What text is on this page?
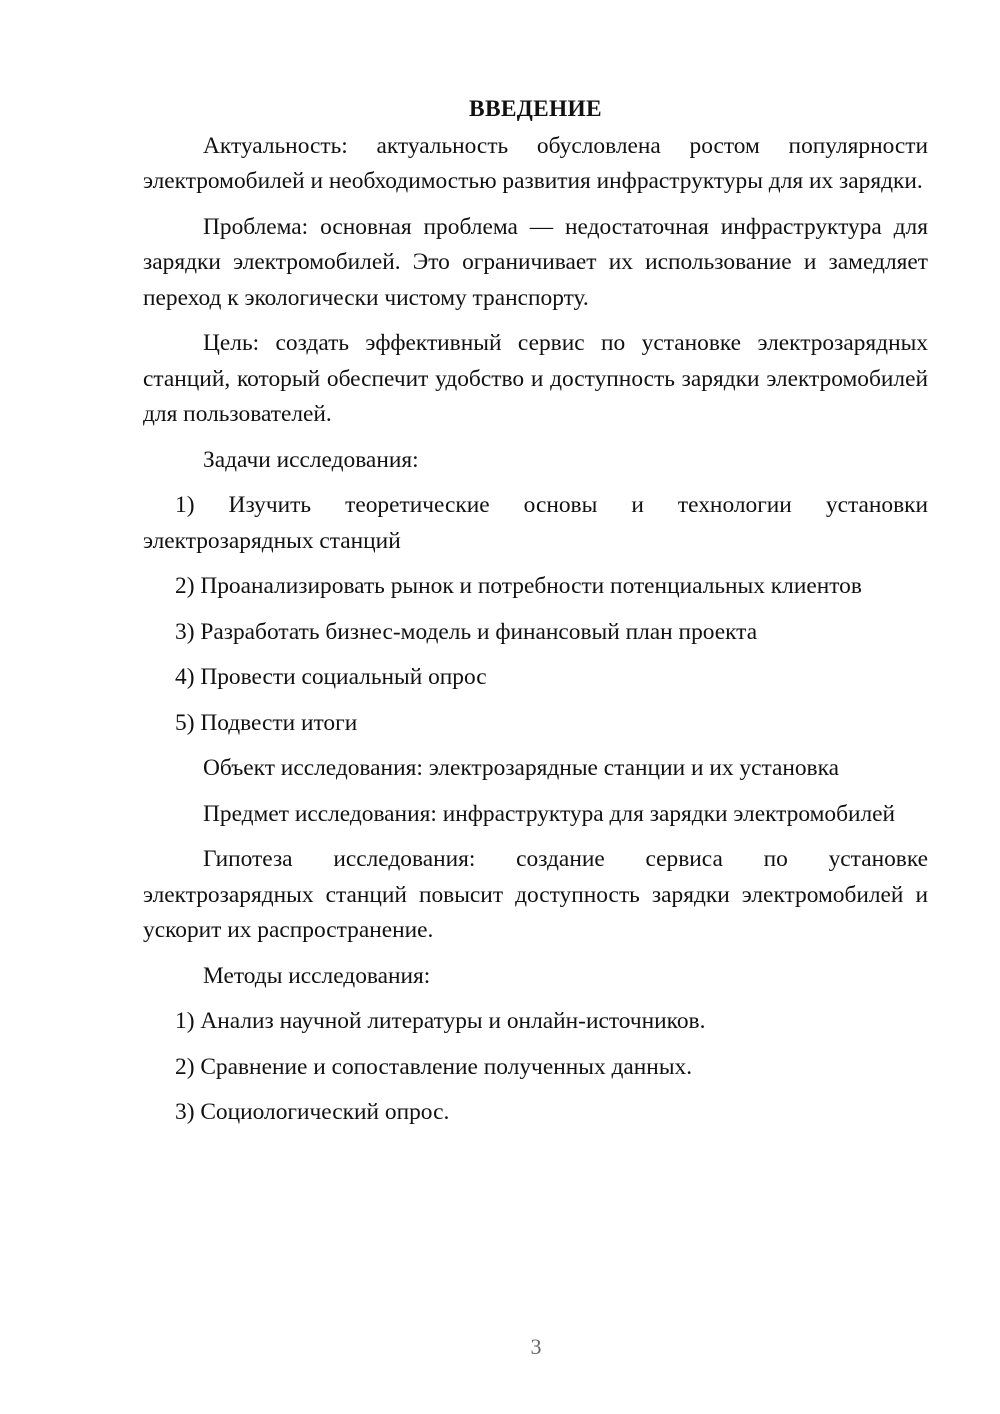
ВВЕДЕНИЕ

Актуальность: актуальность обусловлена ростом популярности электромобилей и необходимостью развития инфраструктуры для их зарядки.

Проблема: основная проблема — недостаточная инфраструктура для зарядки электромобилей. Это ограничивает их использование и замедляет переход к экологически чистому транспорту.

Цель: создать эффективный сервис по установке электрозарядных станций, который обеспечит удобство и доступность зарядки электромобилей для пользователей.

Задачи исследования:

1) Изучить теоретические основы и технологии установки электрозарядных станций

2) Проанализировать рынок и потребности потенциальных клиентов

3) Разработать бизнес-модель и финансовый план проекта

4) Провести социальный опрос

5) Подвести итоги

Объект исследования: электрозарядные станции и их установка

Предмет исследования: инфраструктура для зарядки электромобилей

Гипотеза исследования: создание сервиса по установке электрозарядных станций повысит доступность зарядки электромобилей и ускорит их распространение.

Методы исследования:

1) Анализ научной литературы и онлайн-источников.

2) Сравнение и сопоставление полученных данных.

3) Социологический опрос.

3
